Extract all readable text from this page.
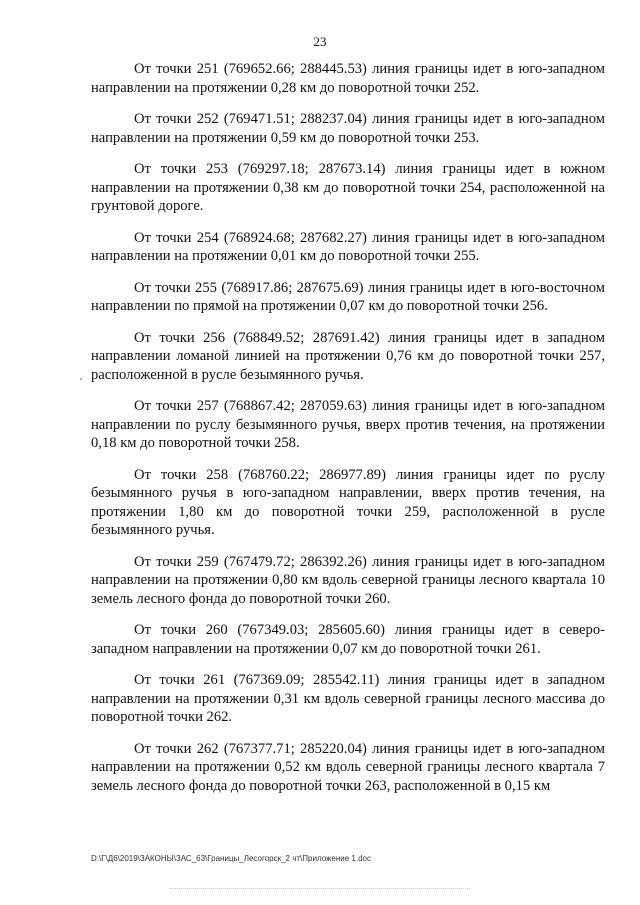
23

От точки 251 (769652.66; 288445.53) линия границы идет в юго-западном направлении на протяжении 0,28 км до поворотной точки 252.

От точки 252 (769471.51; 288237.04) линия границы идет в юго-западном направлении на протяжении 0,59 км до поворотной точки 253.

От точки 253 (769297.18; 287673.14) линия границы идет в южном направлении на протяжении 0,38 км до поворотной точки 254, расположенной на грунтовой дороге.

От точки 254 (768924.68; 287682.27) линия границы идет в юго-западном направлении на протяжении 0,01 км до поворотной точки 255.

От точки 255 (768917.86; 287675.69) линия границы идет в юго-восточном направлении по прямой на протяжении 0,07 км до поворотной точки 256.

От точки 256 (768849.52; 287691.42) линия границы идет в западном направлении ломаной линией на протяжении 0,76 км до поворотной точки 257, расположенной в русле безымянного ручья.

От точки 257 (768867.42; 287059.63) линия границы идет в юго-западном направлении по руслу безымянного ручья, вверх против течения, на протяжении 0,18 км до поворотной точки 258.

От точки 258 (768760.22; 286977.89) линия границы идет по руслу безымянного ручья в юго-западном направлении, вверх против течения, на протяжении 1,80 км до поворотной точки 259, расположенной в русле безымянного ручья.

От точки 259 (767479.72; 286392.26) линия границы идет в юго-западном направлении на протяжении 0,80 км вдоль северной границы лесного квартала 10 земель лесного фонда до поворотной точки 260.

От точки 260 (767349.03; 285605.60) линия границы идет в северо-западном направлении на протяжении 0,07 км до поворотной точки 261.

От точки 261 (767369.09; 285542.11) линия границы идет в западном направлении на протяжении 0,31 км вдоль северной границы лесного массива до поворотной точки 262.

От точки 262 (767377.71; 285220.04) линия границы идет в юго-западном направлении на протяжении 0,52 км вдоль северной границы лесного квартала 7 земель лесного фонда до поворотной точки 263, расположенной в 0,15 км

D:\Г\Д6\2019\ЗАКОНЫ\ЗАС_63\Границы_Лесогорск_2 чт\Приложение 1.doc
